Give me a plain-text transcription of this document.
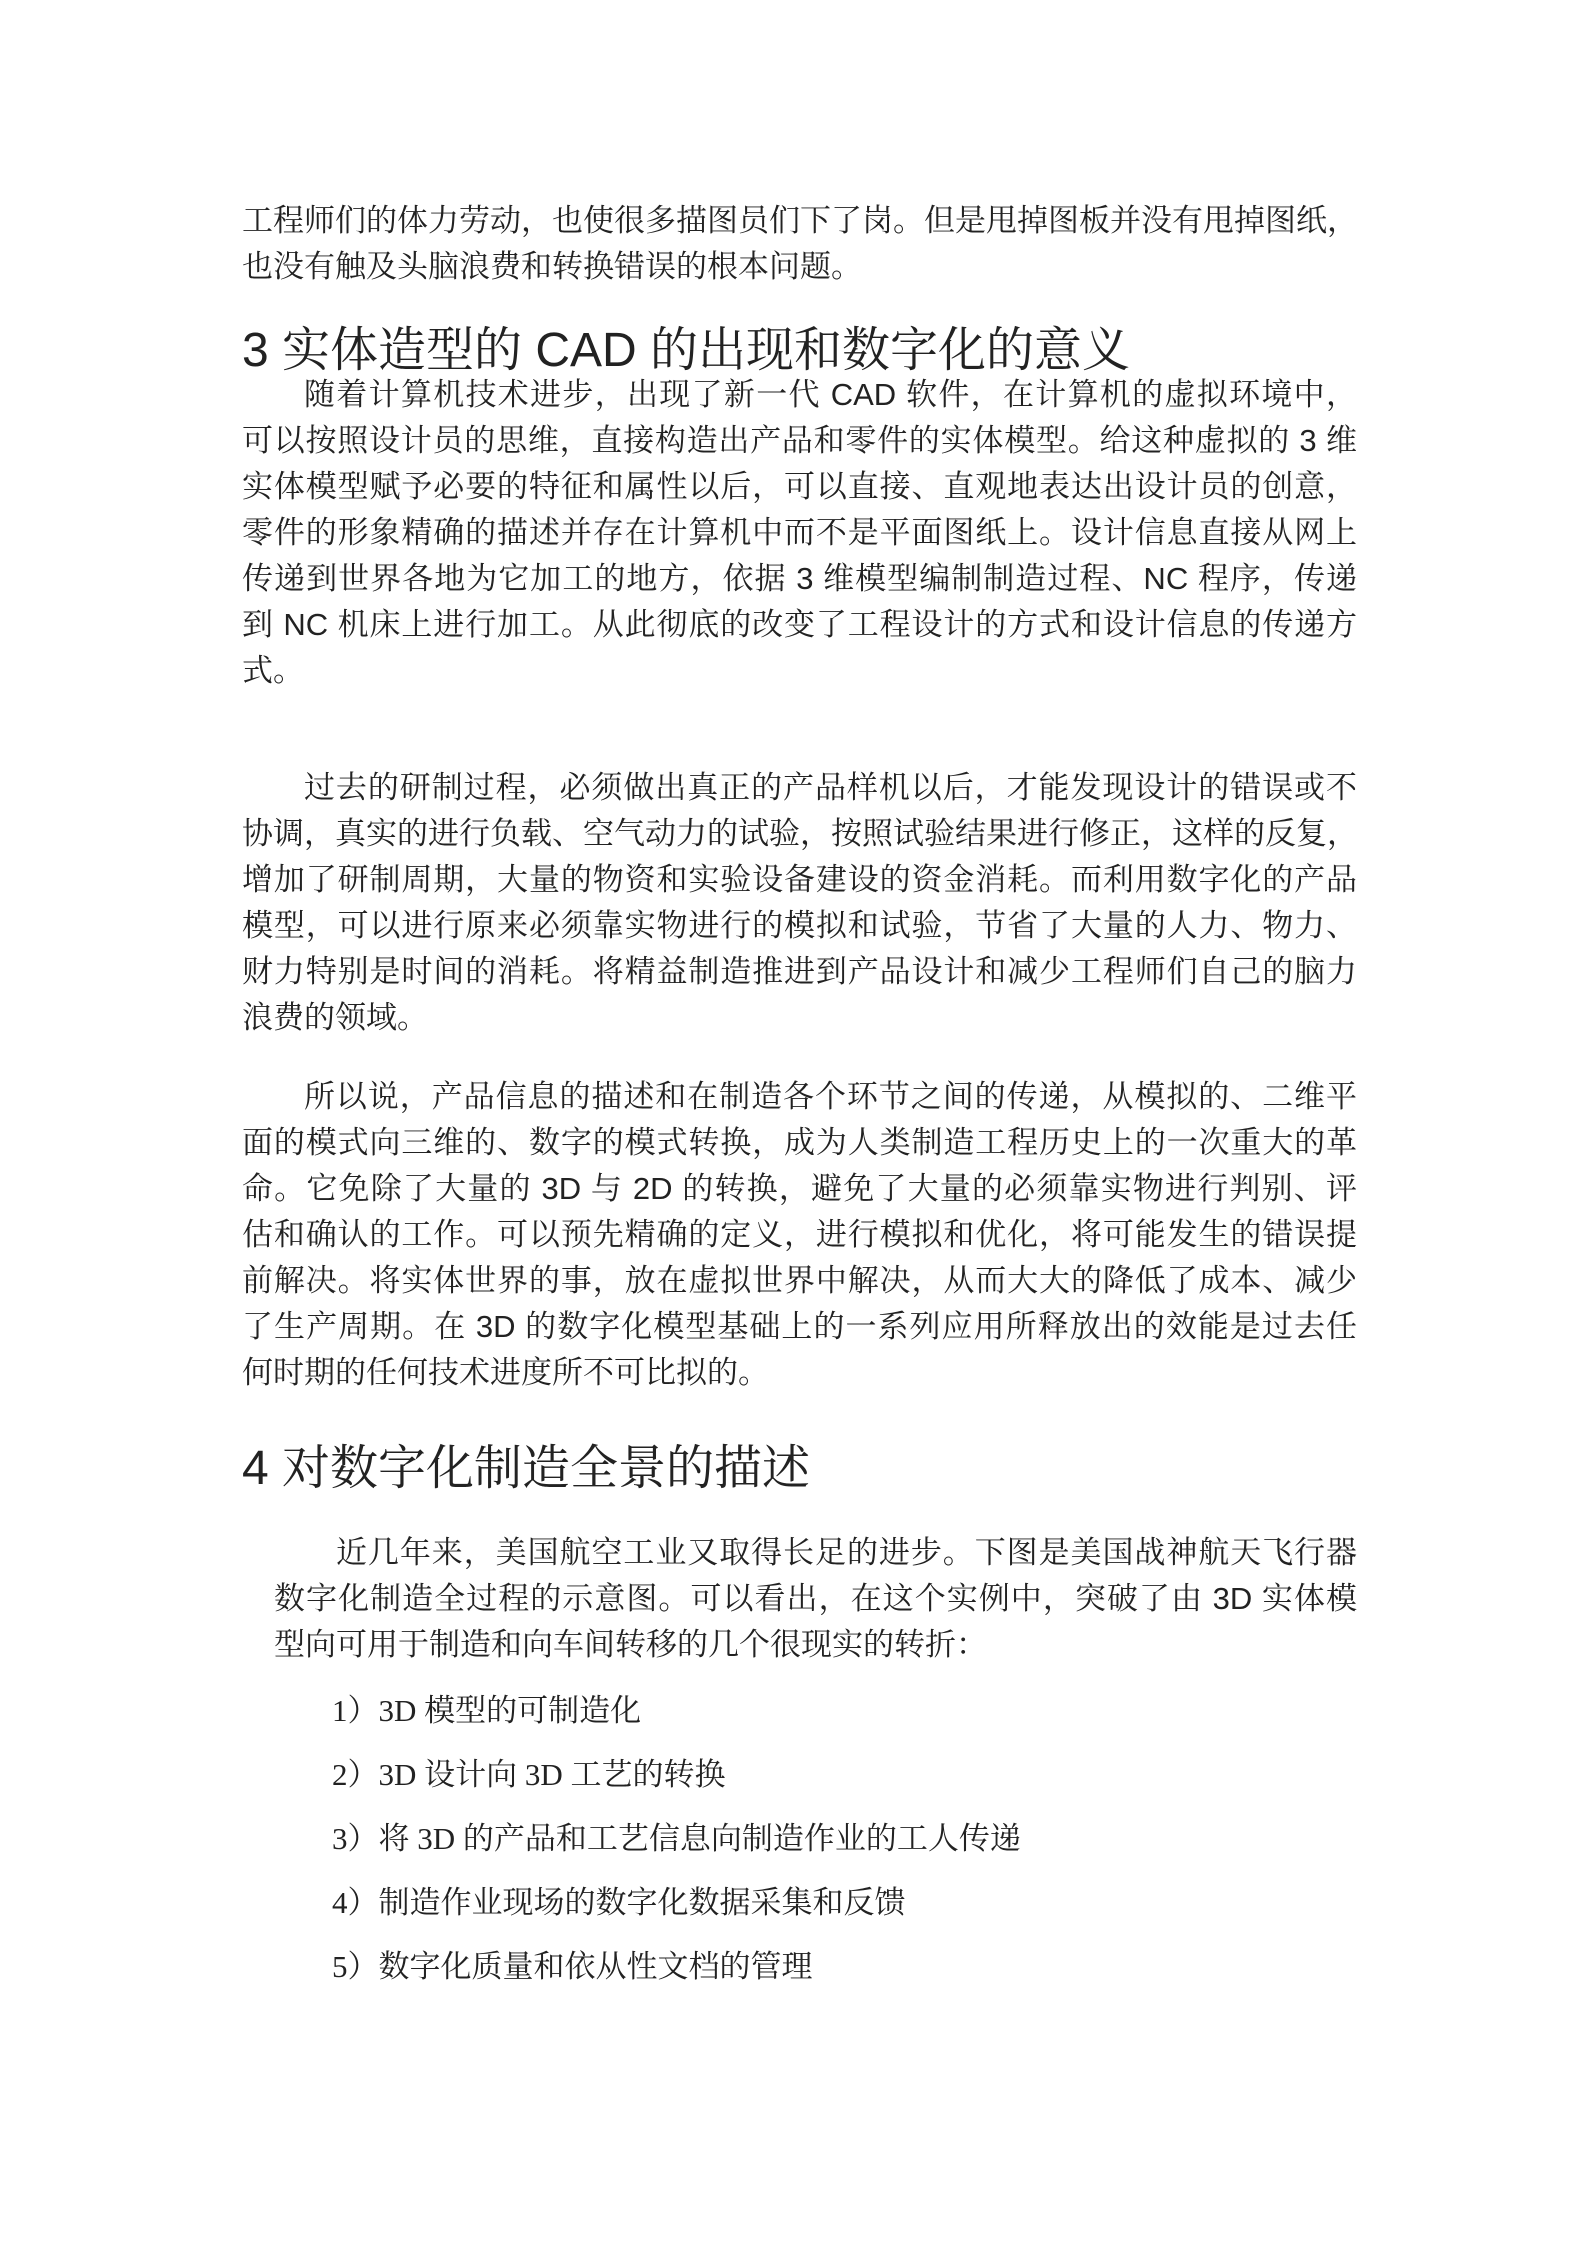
工程师们的体力劳动，也使很多描图员们下了岗。但是甩掉图板并没有甩掉图纸，
也没有触及头脑浪费和转换错误的根本问题。
3 实体造型的 CAD 的出现和数字化的意义
随着计算机技术进步，出现了新一代 CAD 软件，在计算机的虚拟环境中，
可以按照设计员的思维，直接构造出产品和零件的实体模型。给这种虚拟的 3 维
实体模型赋予必要的特征和属性以后，可以直接、直观地表达出设计员的创意，
零件的形象精确的描述并存在计算机中而不是平面图纸上。设计信息直接从网上
传递到世界各地为它加工的地方，依据 3 维模型编制制造过程、NC 程序，传递
到 NC 机床上进行加工。从此彻底的改变了工程设计的方式和设计信息的传递方
式。
过去的研制过程，必须做出真正的产品样机以后，才能发现设计的错误或不
协调，真实的进行负载、空气动力的试验，按照试验结果进行修正，这样的反复，
增加了研制周期，大量的物资和实验设备建设的资金消耗。而利用数字化的产品
模型，可以进行原来必须靠实物进行的模拟和试验，节省了大量的人力、物力、
财力特别是时间的消耗。将精益制造推进到产品设计和减少工程师们自己的脑力
浪费的领域。
所以说，产品信息的描述和在制造各个环节之间的传递，从模拟的、二维平
面的模式向三维的、数字的模式转换，成为人类制造工程历史上的一次重大的革
命。它免除了大量的 3D 与 2D 的转换，避免了大量的必须靠实物进行判别、评
估和确认的工作。可以预先精确的定义，进行模拟和优化，将可能发生的错误提
前解决。将实体世界的事，放在虚拟世界中解决，从而大大的降低了成本、减少
了生产周期。在 3D 的数字化模型基础上的一系列应用所释放出的效能是过去任
何时期的任何技术进度所不可比拟的。
4 对数字化制造全景的描述
近几年来，美国航空工业又取得长足的进步。下图是美国战神航天飞行器
数字化制造全过程的示意图。可以看出，在这个实例中，突破了由 3D 实体模
型向可用于制造和向车间转移的几个很现实的转折：
1）3D 模型的可制造化
2）3D 设计向 3D 工艺的转换
3）将 3D 的产品和工艺信息向制造作业的工人传递
4）制造作业现场的数字化数据采集和反馈
5）数字化质量和依从性文档的管理
